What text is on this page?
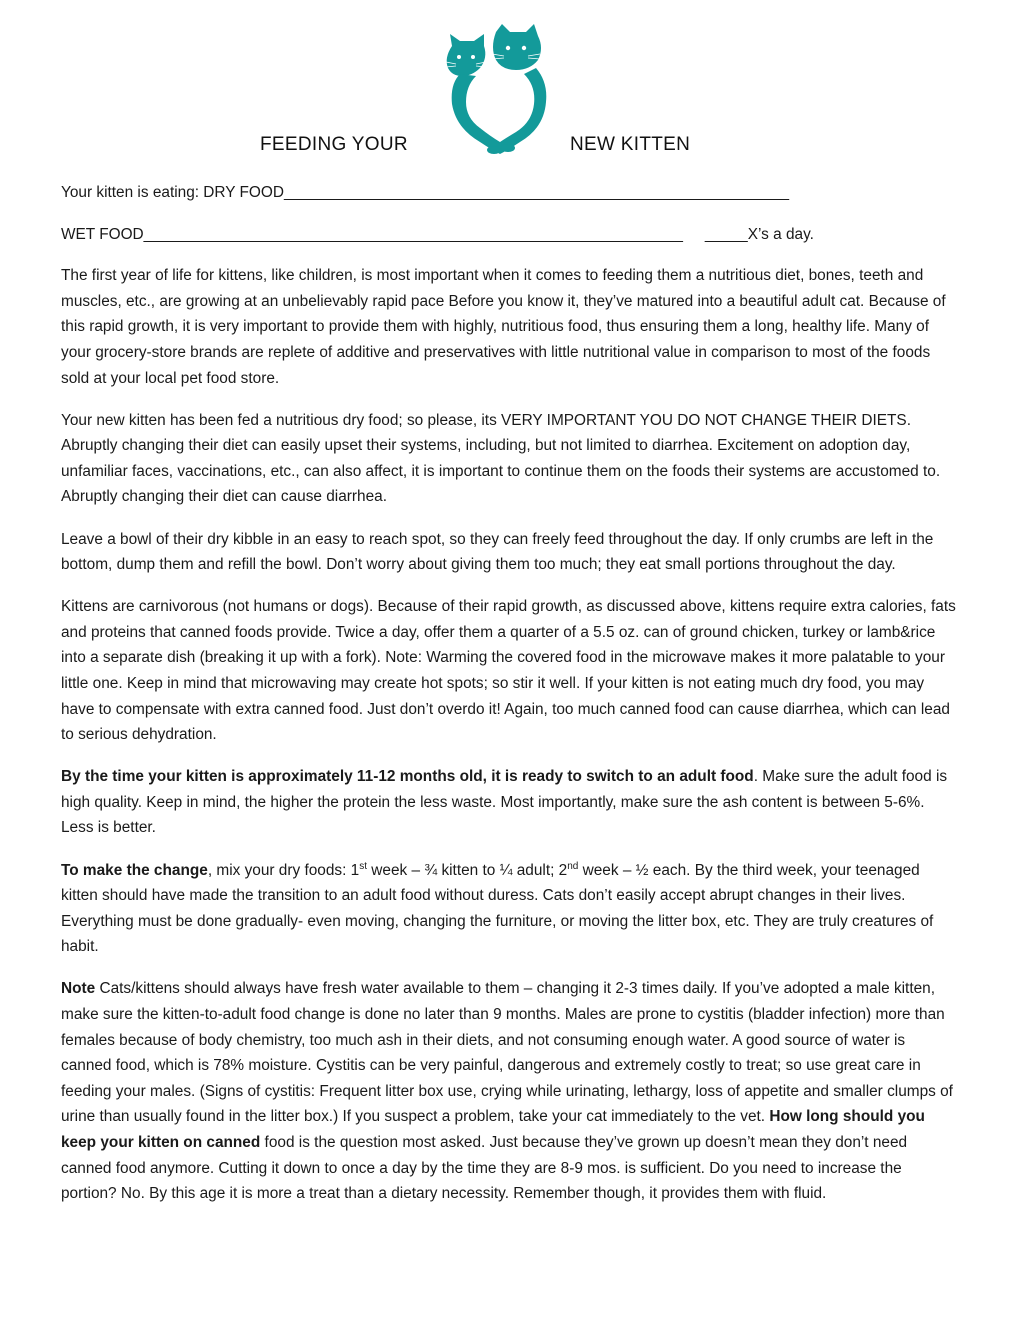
FEEDING YOUR	NEW KITTEN
Your kitten is eating: DRY FOOD___________________________________________________________
WET FOOD_______________________________________________________________ _____X’s a day.

The first year of life for kittens, like children, is most important when it comes to feeding them a nutritious diet, bones, teeth and muscles, etc., are growing at an unbelievably rapid pace Before you know it, they’ve matured into a beautiful adult cat. Because of this rapid growth, it is very important to provide them with highly, nutritious food, thus ensuring them a long, healthy life. Many of your grocery-store brands are replete of additive and preservatives with little nutritional value in comparison to most of the foods sold at your local pet food store.

Your new kitten has been fed a nutritious dry food; so please, its VERY IMPORTANT YOU DO NOT CHANGE THEIR DIETS. Abruptly changing their diet can easily upset their systems, including, but not limited to diarrhea. Excitement on adoption day, unfamiliar faces, vaccinations, etc., can also affect, it is important to continue them on the foods their systems are accustomed to. Abruptly changing their diet can cause diarrhea.

Leave a bowl of their dry kibble in an easy to reach spot, so they can freely feed throughout the day. If only crumbs are left in the bottom, dump them and refill the bowl. Don’t worry about giving them too much; they eat small portions throughout the day.

Kittens are carnivorous (not humans or dogs). Because of their rapid growth, as discussed above, kittens require extra calories, fats and proteins that canned foods provide. Twice a day, offer them a quarter of a 5.5 oz. can of ground chicken, turkey or lamb&rice into a separate dish (breaking it up with a fork). Note: Warming the covered food in the microwave makes it more palatable to your little one. Keep in mind that microwaving may create hot spots; so stir it well. If your kitten is not eating much dry food, you may have to compensate with extra canned food. Just don’t overdo it! Again, too much canned food can cause diarrhea, which can lead to serious dehydration.

By the time your kitten is approximately 11-12 months old, it is ready to switch to an adult food. Make sure the adult food is high quality. Keep in mind, the higher the protein the less waste. Most importantly, make sure the ash content is between 5-6%. Less is better.

To make the change, mix your dry foods: 1st week – ¾ kitten to ¼ adult; 2nd week – ½ each. By the third week, your teenaged kitten should have made the transition to an adult food without duress. Cats don’t easily accept abrupt changes in their lives. Everything must be done gradually- even moving, changing the furniture, or moving the litter box, etc. They are truly creatures of habit.

Note Cats/kittens should always have fresh water available to them – changing it 2-3 times daily. If you’ve adopted a male kitten, make sure the kitten-to-adult food change is done no later than 9 months. Males are prone to cystitis (bladder infection) more than females because of body chemistry, too much ash in their diets, and not consuming enough water. A good source of water is canned food, which is 78% moisture. Cystitis can be very painful, dangerous and extremely costly to treat; so use great care in feeding your males. (Signs of cystitis: Frequent litter box use, crying while urinating, lethargy, loss of appetite and smaller clumps of urine than usually found in the litter box.) If you suspect a problem, take your cat immediately to the vet. How long should you keep your kitten on canned food is the question most asked. Just because they’ve grown up doesn’t mean they don’t need canned food anymore. Cutting it down to once a day by the time they are 8-9 mos. is sufficient. Do you need to increase the portion? No. By this age it is more a treat than a dietary necessity. Remember though, it provides them with fluid.
